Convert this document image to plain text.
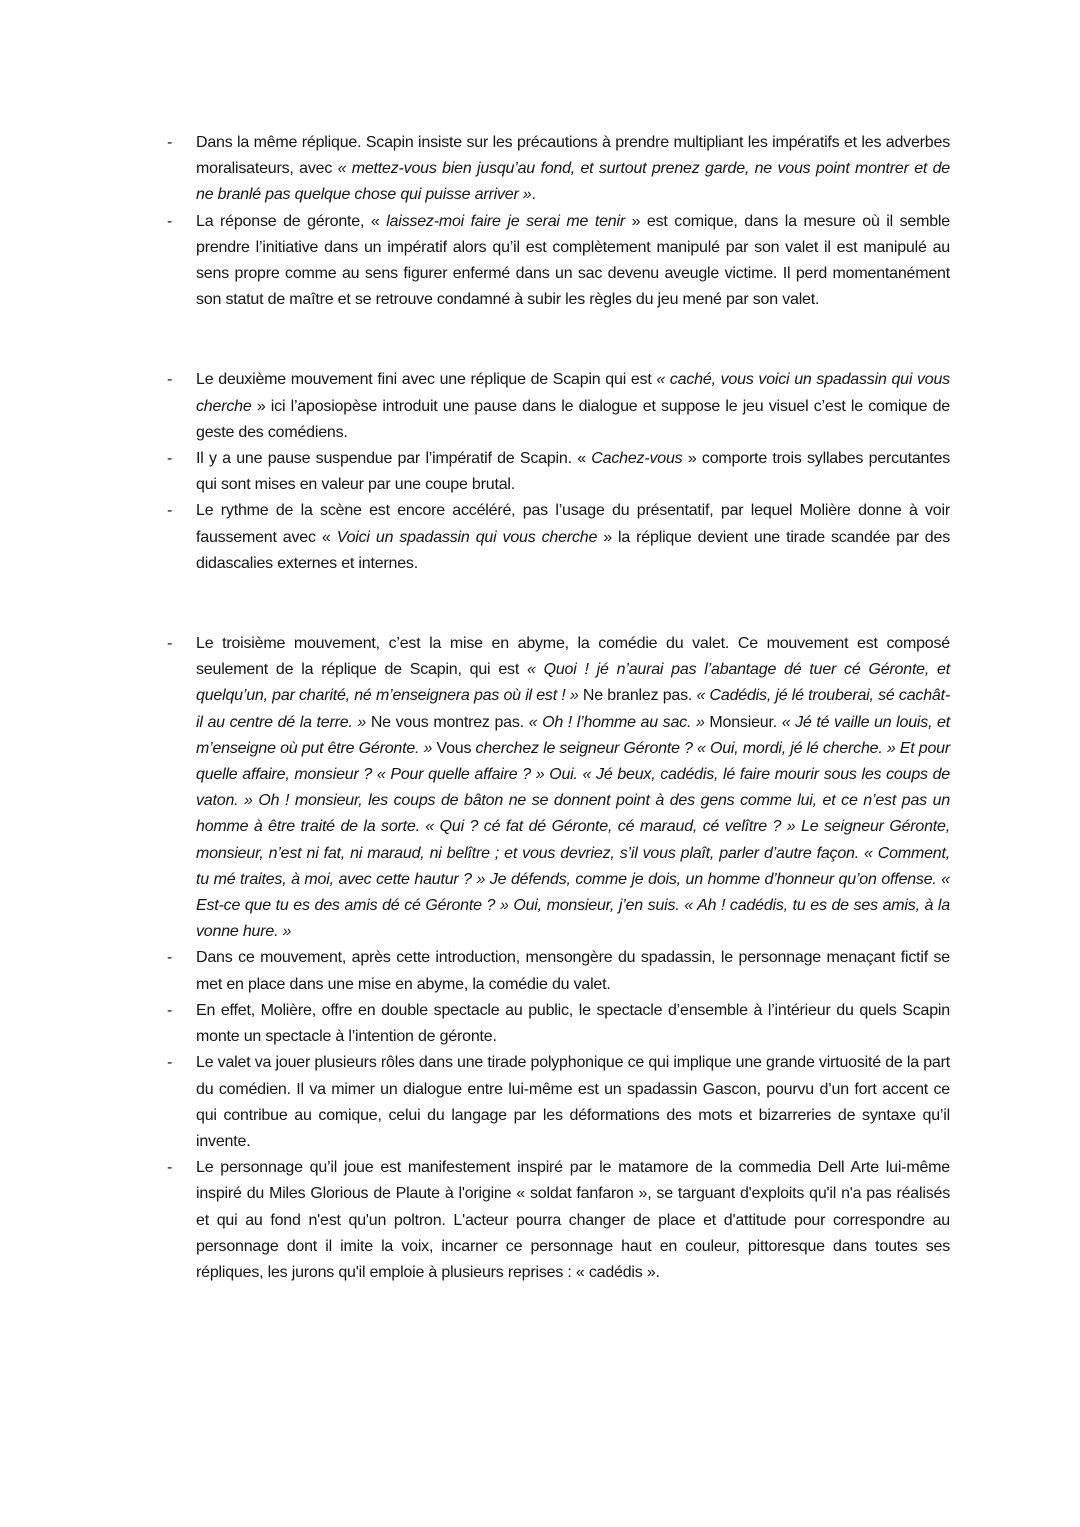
-	Dans la même réplique. Scapin insiste sur les précautions à prendre multipliant les impératifs et les adverbes moralisateurs, avec « mettez-vous bien jusqu’au fond, et surtout prenez garde, ne vous point montrer et de ne branlé pas quelque chose qui puisse arriver ».

-	La réponse de géronte, « laissez-moi faire je serai me tenir » est comique, dans la mesure où il semble prendre l’initiative dans un impératif alors qu’il est complètement manipulé par son valet il est manipulé au sens propre comme au sens figurer enfermé dans un sac devenu aveugle victime. Il perd momentanément son statut de maître et se retrouve condamné à subir les règles du jeu mené par son valet.

-	Le deuxième mouvement fini avec une réplique de Scapin qui est « caché, vous voici un spadassin qui vous cherche » ici l’aposiopèse introduit une pause dans le dialogue et suppose le jeu visuel c’est le comique de geste des comédiens.

-	Il y a une pause suspendue par l’impératif de Scapin. « Cachez-vous » comporte trois syllabes percutantes qui sont mises en valeur par une coupe brutal.

-	Le rythme de la scène est encore accéléré, pas l’usage du présentatif, par lequel Molière donne à voir faussement avec « Voici un spadassin qui vous cherche » la réplique devient une tirade scandée par des didascalies externes et internes.

-	Le troisième mouvement, c’est la mise en abyme, la comédie du valet. Ce mouvement est composé seulement de la réplique de Scapin, qui est « Quoi ! jé n’aurai pas l’abantage dé tuer cé Géronte, et quelqu’un, par charité, né m’enseignera pas où il est ! » Ne branlez pas. « Cadédis, jé lé trouberai, sé cachât-il au centre dé la terre. » Ne vous montrez pas. « Oh ! l’homme au sac. » Monsieur. « Jé té vaille un louis, et m’enseigne où put être Géronte. » Vous cherchez le seigneur Géronte ? « Oui, mordi, jé lé cherche. » Et pour quelle affaire, monsieur ? « Pour quelle affaire ? » Oui. « Jé beux, cadédis, lé faire mourir sous les coups de vaton. » Oh ! monsieur, les coups de bâton ne se donnent point à des gens comme lui, et ce n’est pas un homme à être traité de la sorte. « Qui ? cé fat dé Géronte, cé maraud, cé velître ? » Le seigneur Géronte, monsieur, n’est ni fat, ni maraud, ni belître ; et vous devriez, s’il vous plaît, parler d’autre façon. « Comment, tu mé traites, à moi, avec cette hautur ? » Je défends, comme je dois, un homme d’honneur qu’on offense. « Est-ce que tu es des amis dé cé Géronte ? » Oui, monsieur, j’en suis. « Ah ! cadédis, tu es de ses amis, à la vonne hure. »

-	Dans ce mouvement, après cette introduction, mensongère du spadassin, le personnage menaçant fictif se met en place dans une mise en abyme, la comédie du valet.

-	En effet, Molière, offre en double spectacle au public, le spectacle d’ensemble à l’intérieur du quels Scapin monte un spectacle à l’intention de géronte.

-	Le valet va jouer plusieurs rôles dans une tirade polyphonique ce qui implique une grande virtuosité de la part du comédien. Il va mimer un dialogue entre lui-même est un spadassin Gascon, pourvu d’un fort accent ce qui contribue au comique, celui du langage par les déformations des mots et bizarreries de syntaxe qu’il invente.

-	Le personnage qu’il joue est manifestement inspiré par le matamore de la commedia Dell Arte lui-même inspiré du Miles Glorious de Plaute à l'origine « soldat fanfaron », se targuant d'exploits qu'il n'a pas réalisés et qui au fond n'est qu'un poltron. L'acteur pourra changer de place et d'attitude pour correspondre au personnage dont il imite la voix, incarner ce personnage haut en couleur, pittoresque dans toutes ses répliques, les jurons qu'il emploie à plusieurs reprises : « cadédis ».
